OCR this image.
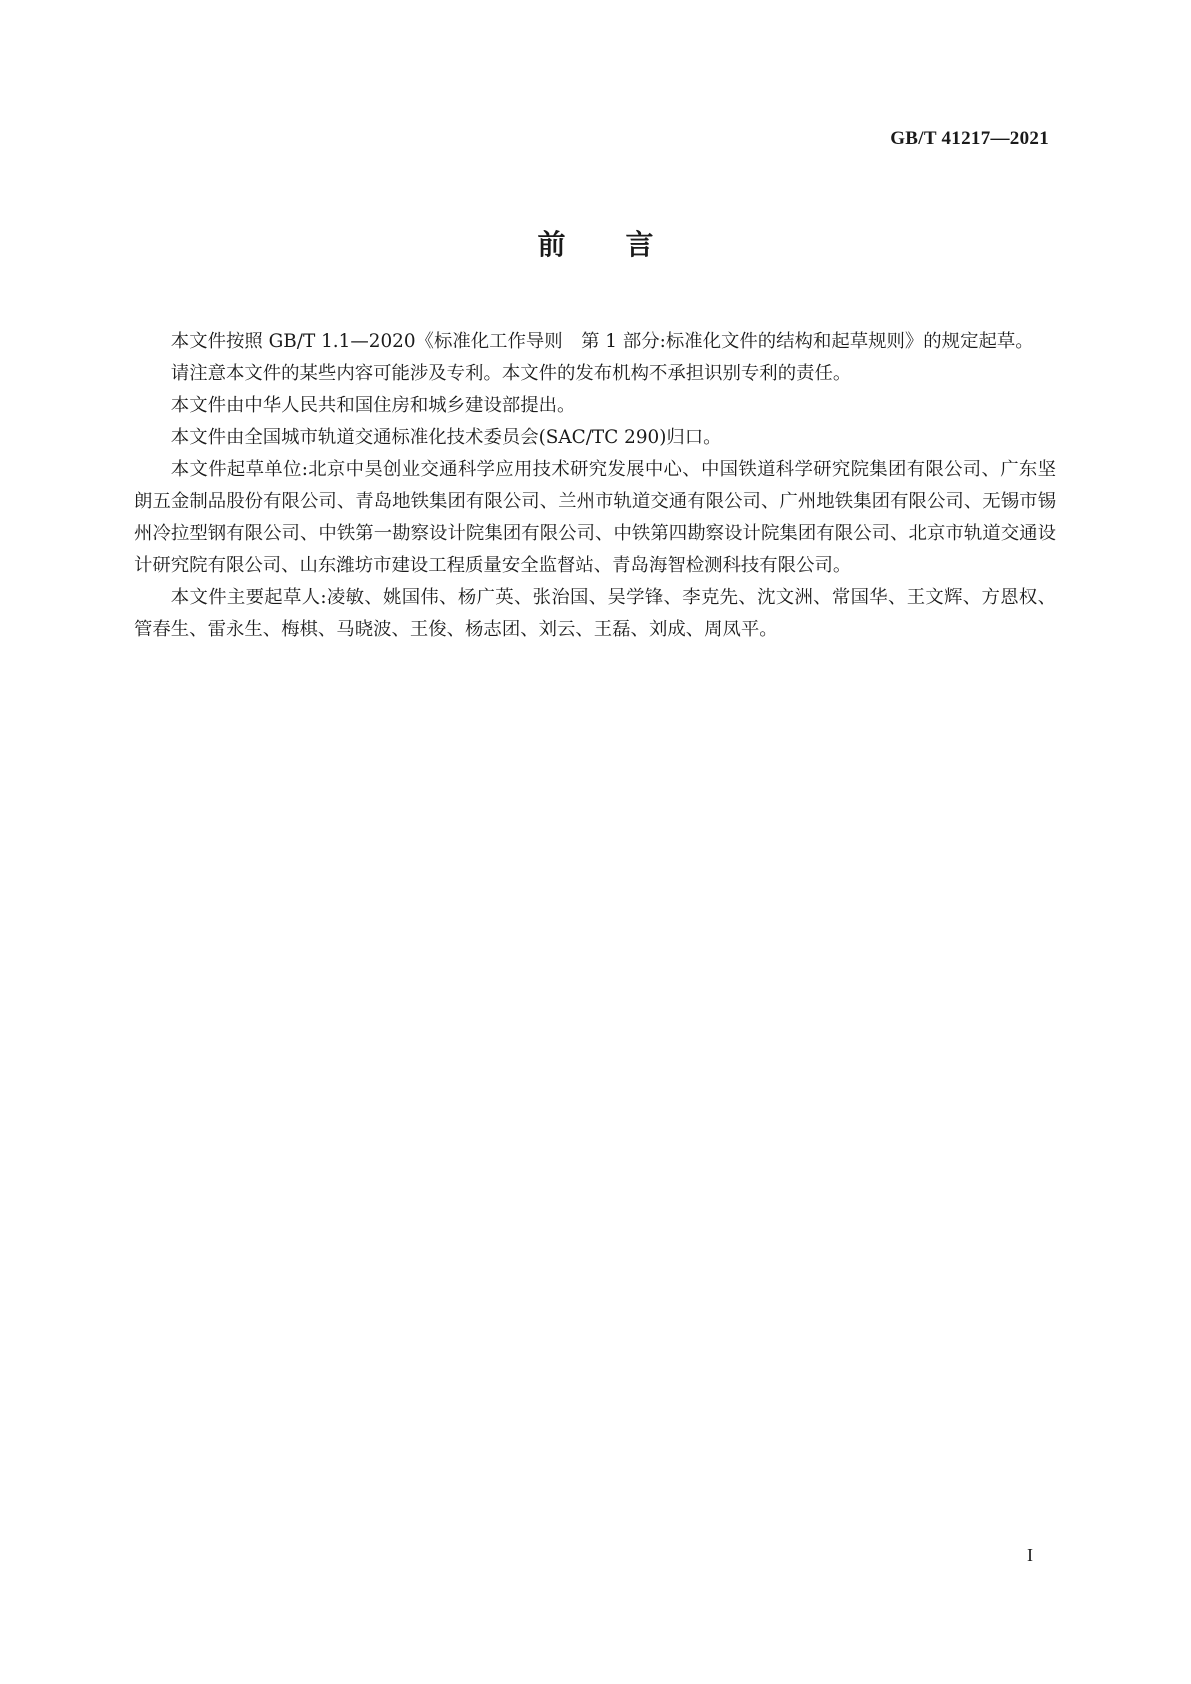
GB/T 41217—2021
前言

本文件按照 GB/T 1.1—2020《标准化工作导则　第 1 部分:标准化文件的结构和起草规则》的规定起草。

请注意本文件的某些内容可能涉及专利。本文件的发布机构不承担识别专利的责任。

本文件由中华人民共和国住房和城乡建设部提出。

本文件由全国城市轨道交通标准化技术委员会(SAC/TC 290)归口。

本文件起草单位:北京中昊创业交通科学应用技术研究发展中心、中国铁道科学研究院集团有限公司、广东坚朗五金制品股份有限公司、青岛地铁集团有限公司、兰州市轨道交通有限公司、广州地铁集团有限公司、无锡市锡州冷拉型钢有限公司、中铁第一勘察设计院集团有限公司、中铁第四勘察设计院集团有限公司、北京市轨道交通设计研究院有限公司、山东潍坊市建设工程质量安全监督站、青岛海智检测科技有限公司。

本文件主要起草人:凌敏、姚国伟、杨广英、张治国、吴学锋、李克先、沈文洲、常国华、王文辉、方恩权、管春生、雷永生、梅棋、马晓波、王俊、杨志团、刘云、王磊、刘成、周凤平。

I
